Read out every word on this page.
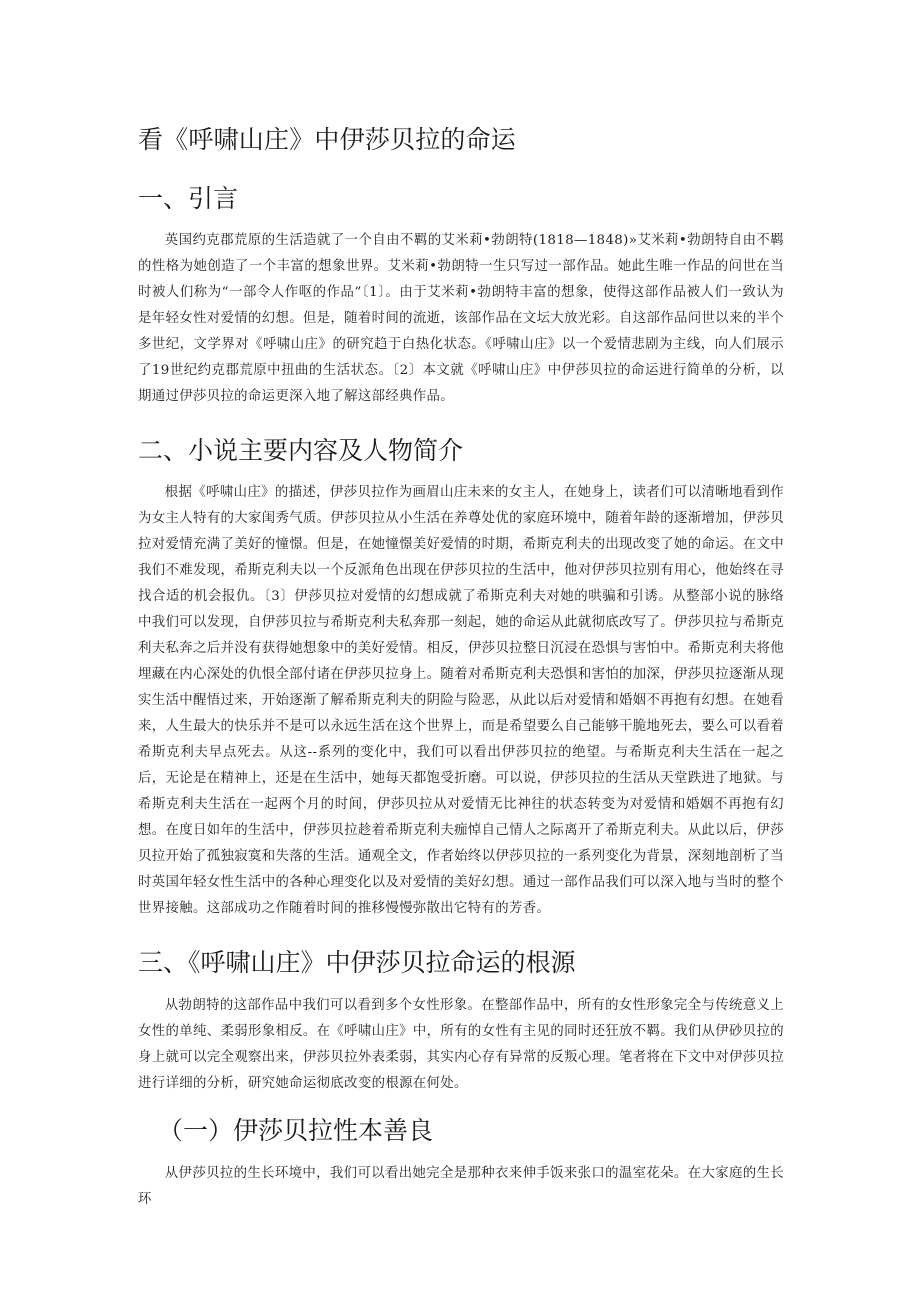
看《呼啸山庄》中伊莎贝拉的命运
一、引言

英国约克郡荒原的生活造就了一个自由不羁的艾米莉•勃朗特(1818—1848)»艾米莉•勃朗特自由不羁的性格为她创造了一个丰富的想象世界。艾米莉•勃朗特一生只写过一部作品。她此生唯一作品的问世在当时被人们称为“一部令人作呕的作品”〔1〕。由于艾米莉•勃朗特丰富的想象，使得这部作品被人们一致认为是年轻女性对爱情的幻想。但是，随着时间的流逝，该部作品在文坛大放光彩。自这部作品问世以来的半个多世纪，文学界对《呼啸山庄》的研究趋于白热化状态。《呼啸山庄》以一个爱情悲剧为主线，向人们展示了19世纪约克郡荒原中扭曲的生活状态。〔2〕本文就《呼啸山庄》中伊莎贝拉的命运进行简单的分析，以期通过伊莎贝拉的命运更深入地了解这部经典作品。

二、小说主要内容及人物简介

根据《呼啸山庄》的描述，伊莎贝拉作为画眉山庄未来的女主人，在她身上，读者们可以清晰地看到作为女主人特有的大家闺秀气质。伊莎贝拉从小生活在养尊处优的家庭环境中，随着年龄的逐渐增加，伊莎贝拉对爱情充满了美好的憧憬。但是，在她憧憬美好爱情的时期，希斯克利夫的出现改变了她的命运。在文中我们不难发现，希斯克利夫以一个反派角色出现在伊莎贝拉的生活中，他对伊莎贝拉别有用心，他始终在寻找合适的机会报仇。〔3〕伊莎贝拉对爱情的幻想成就了希斯克利夫对她的哄骗和引诱。从整部小说的脉络中我们可以发现，自伊莎贝拉与希斯克利夫私奔那一刻起，她的命运从此就彻底改写了。伊莎贝拉与希斯克利夫私奔之后并没有获得她想象中的美好爱情。相反，伊莎贝拉整日沉浸在恐惧与害怕中。希斯克利夫将他埋藏在内心深处的仇恨全部付诸在伊莎贝拉身上。随着对希斯克利夫恐惧和害怕的加深，伊莎贝拉逐渐从现实生活中醒悟过来，开始逐渐了解希斯克利夫的阴险与险恶，从此以后对爱情和婚姻不再抱有幻想。在她看来，人生最大的快乐并不是可以永远生活在这个世界上，而是希望要么自己能够干脆地死去，要么可以看着希斯克利夫早点死去。从这--系列的变化中，我们可以看出伊莎贝拉的绝望。与希斯克利夫生活在一起之后，无论是在精神上，还是在生活中，她每天都饱受折磨。可以说，伊莎贝拉的生活从天堂跌进了地狱。与希斯克利夫生活在一起两个月的时间，伊莎贝拉从对爱情无比神往的状态转变为对爱情和婚姻不再抱有幻想。在度日如年的生活中，伊莎贝拉趁着希斯克利夫痂悼自己情人之际离开了希斯克利夫。从此以后，伊莎贝拉开始了孤独寂寞和失落的生活。通观全文，作者始终以伊莎贝拉的一系列变化为背景，深刻地剖析了当时英国年轻女性生活中的各种心理变化以及对爱情的美好幻想。通过一部作品我们可以深入地与当时的整个世界接触。这部成功之作随着时间的推移慢慢弥散出它特有的芳香。

三、《呼啸山庄》中伊莎贝拉命运的根源

从勃朗特的这部作品中我们可以看到多个女性形象。在整部作品中，所有的女性形象完全与传统意义上女性的单纯、柔弱形象相反。在《呼啸山庄》中，所有的女性有主见的同时还狂放不羁。我们从伊砂贝拉的身上就可以完全观察出来，伊莎贝拉外表柔弱，其实内心存有异常的反叛心理。笔者将在下文中对伊莎贝拉进行详细的分析，研究她命运彻底改变的根源在何处。

（一）伊莎贝拉性本善良

从伊莎贝拉的生长环境中，我们可以看出她完全是那种衣来伸手饭来张口的温室花朵。在大家庭的生长环
